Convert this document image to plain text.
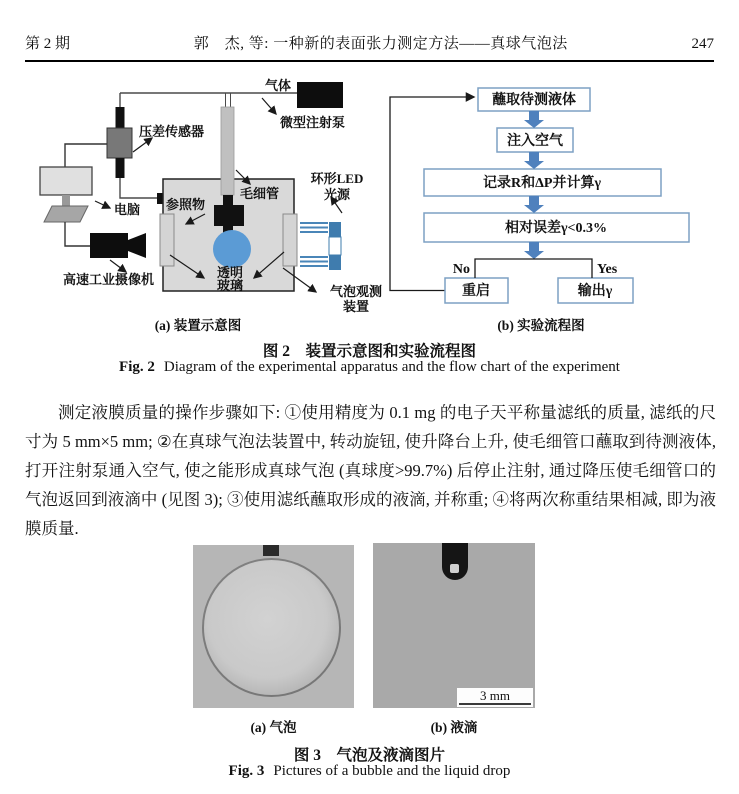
第 2 期	郭　杰, 等: 一种新的表面张力测定方法——真球气泡法	247
气体
微型注射泵
压差传感器
电脑
毛细管
参照物
环形LED
光源
透明
玻璃
高速工业摄像机
气泡观测
装置
蘸取待测液体
注入空气
记录R和ΔP并计算γ
相对误差γ<0.3%
No	Yes
重启	输出γ
(a) 装置示意图	(b) 实验流程图
图 2　装置示意图和实验流程图
Fig. 2 Diagram of the experimental apparatus and the flow chart of the experiment
测定液膜质量的操作步骤如下: ①使用精度为 0.1 mg 的电子天平称量滤纸的质量, 滤纸的尺寸为 5 mm×5 mm; ②在真球气泡法装置中, 转动旋钮, 使升降台上升, 使毛细管口蘸取到待测液体, 打开注射泵通入空气, 使之能形成真球气泡 (真球度>99.7%) 后停止注射, 通过降压使毛细管口的气泡返回到液滴中 (见图 3); ③使用滤纸蘸取形成的液滴, 并称重; ④将两次称重结果相减, 即为液膜质量.
3 mm
(a) 气泡	(b) 液滴
图 3　气泡及液滴图片
Fig. 3 Pictures of a bubble and the liquid drop
